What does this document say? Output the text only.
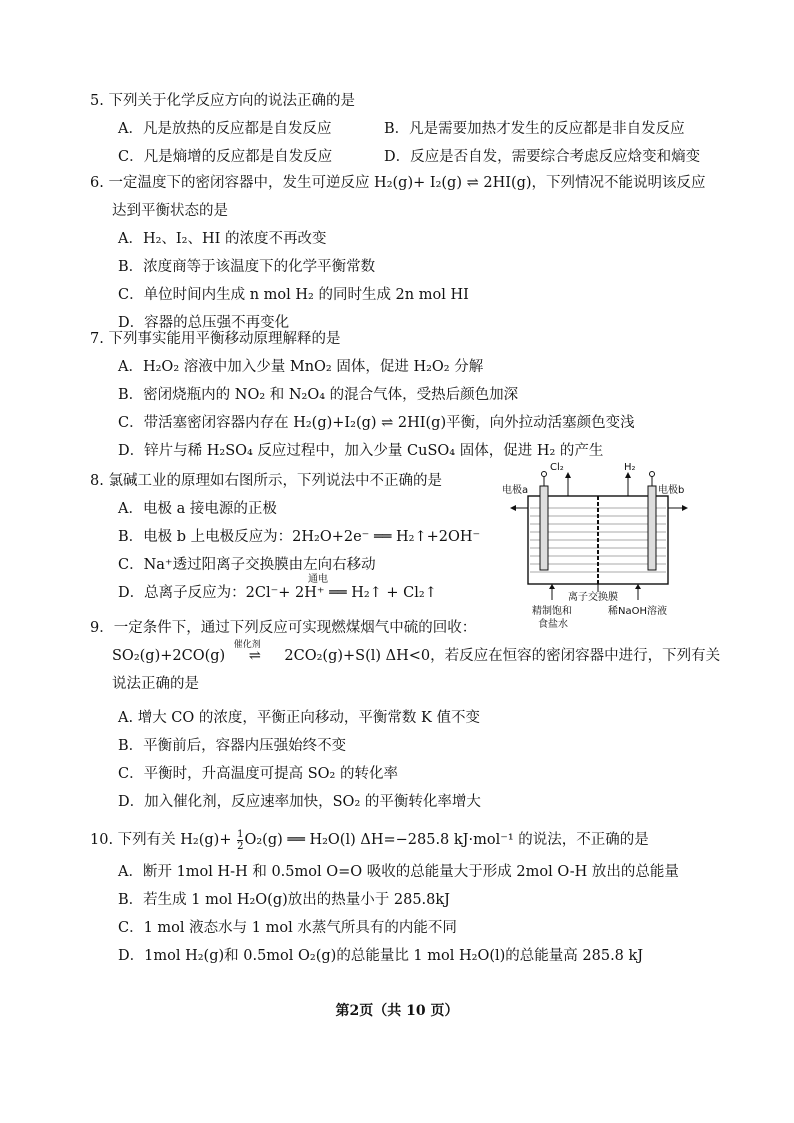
5. 下列关于化学反应方向的说法正确的是
A．凡是放热的反应都是自发反应	B．凡是需要加热才发生的反应都是非自发反应
C．凡是熵增的反应都是自发反应	D．反应是否自发，需要综合考虑反应焓变和熵变
6. 一定温度下的密闭容器中，发生可逆反应 H₂(g)+ I₂(g) ⇌ 2HI(g)，下列情况不能说明该反应
达到平衡状态的是
A．H₂、I₂、HI 的浓度不再改变
B．浓度商等于该温度下的化学平衡常数
C．单位时间内生成 n mol H₂ 的同时生成 2n mol HI
D．容器的总压强不再变化
7. 下列事实能用平衡移动原理解释的是
A．H₂O₂ 溶液中加入少量 MnO₂ 固体，促进 H₂O₂ 分解
B．密闭烧瓶内的 NO₂ 和 N₂O₄ 的混合气体，受热后颜色加深
C．带活塞密闭容器内存在 H₂(g)+I₂(g) ⇌ 2HI(g)平衡，向外拉动活塞颜色变浅
D．锌片与稀 H₂SO₄ 反应过程中，加入少量 CuSO₄ 固体，促进 H₂ 的产生
8. 氯碱工业的原理如右图所示，下列说法中不正确的是
A．电极 a 接电源的正极
B．电极 b 上电极反应为：2H₂O+2e⁻ ══ H₂↑+2OH⁻
C．Na⁺透过阳离子交换膜由左向右移动
D．总离子反应为：2Cl⁻+ 2H⁺ ══ H₂↑ + Cl₂↑
通电
Cl₂	H₂
电极a	电极b
离子交换膜
精制饱和
食盐水
稀NaOH溶液
9．一定条件下，通过下列反应可实现燃煤烟气中硫的回收：
SO₂(g)+2CO(g)
催化剂
⇌ 2CO₂(g)+S(l) ΔH<0，若反应在恒容的密闭容器中进行，下列有关
说法正确的是
A. 增大 CO 的浓度，平衡正向移动，平衡常数 K 值不变
B．平衡前后，容器内压强始终不变
C．平衡时，升高温度可提高 SO₂ 的转化率
D．加入催化剂，反应速率加快，SO₂ 的平衡转化率增大
10. 下列有关 $H_2(g)+ \frac{1}{2} O_2(g)$ ══ H₂O(l) ΔH=−285.8 kJ·mol⁻¹ 的说法，不正确的是
A．断开 1mol H-H 和 0.5mol O=O 吸收的总能量大于形成 2mol O-H 放出的总能量
B．若生成 1 mol H₂O(g)放出的热量小于 285.8kJ
C．1 mol 液态水与 1 mol 水蒸气所具有的内能不同
D．1mol H₂(g)和 0.5mol O₂(g)的总能量比 1 mol H₂O(l)的总能量高 285.8 kJ
第2页（共 10 页）
